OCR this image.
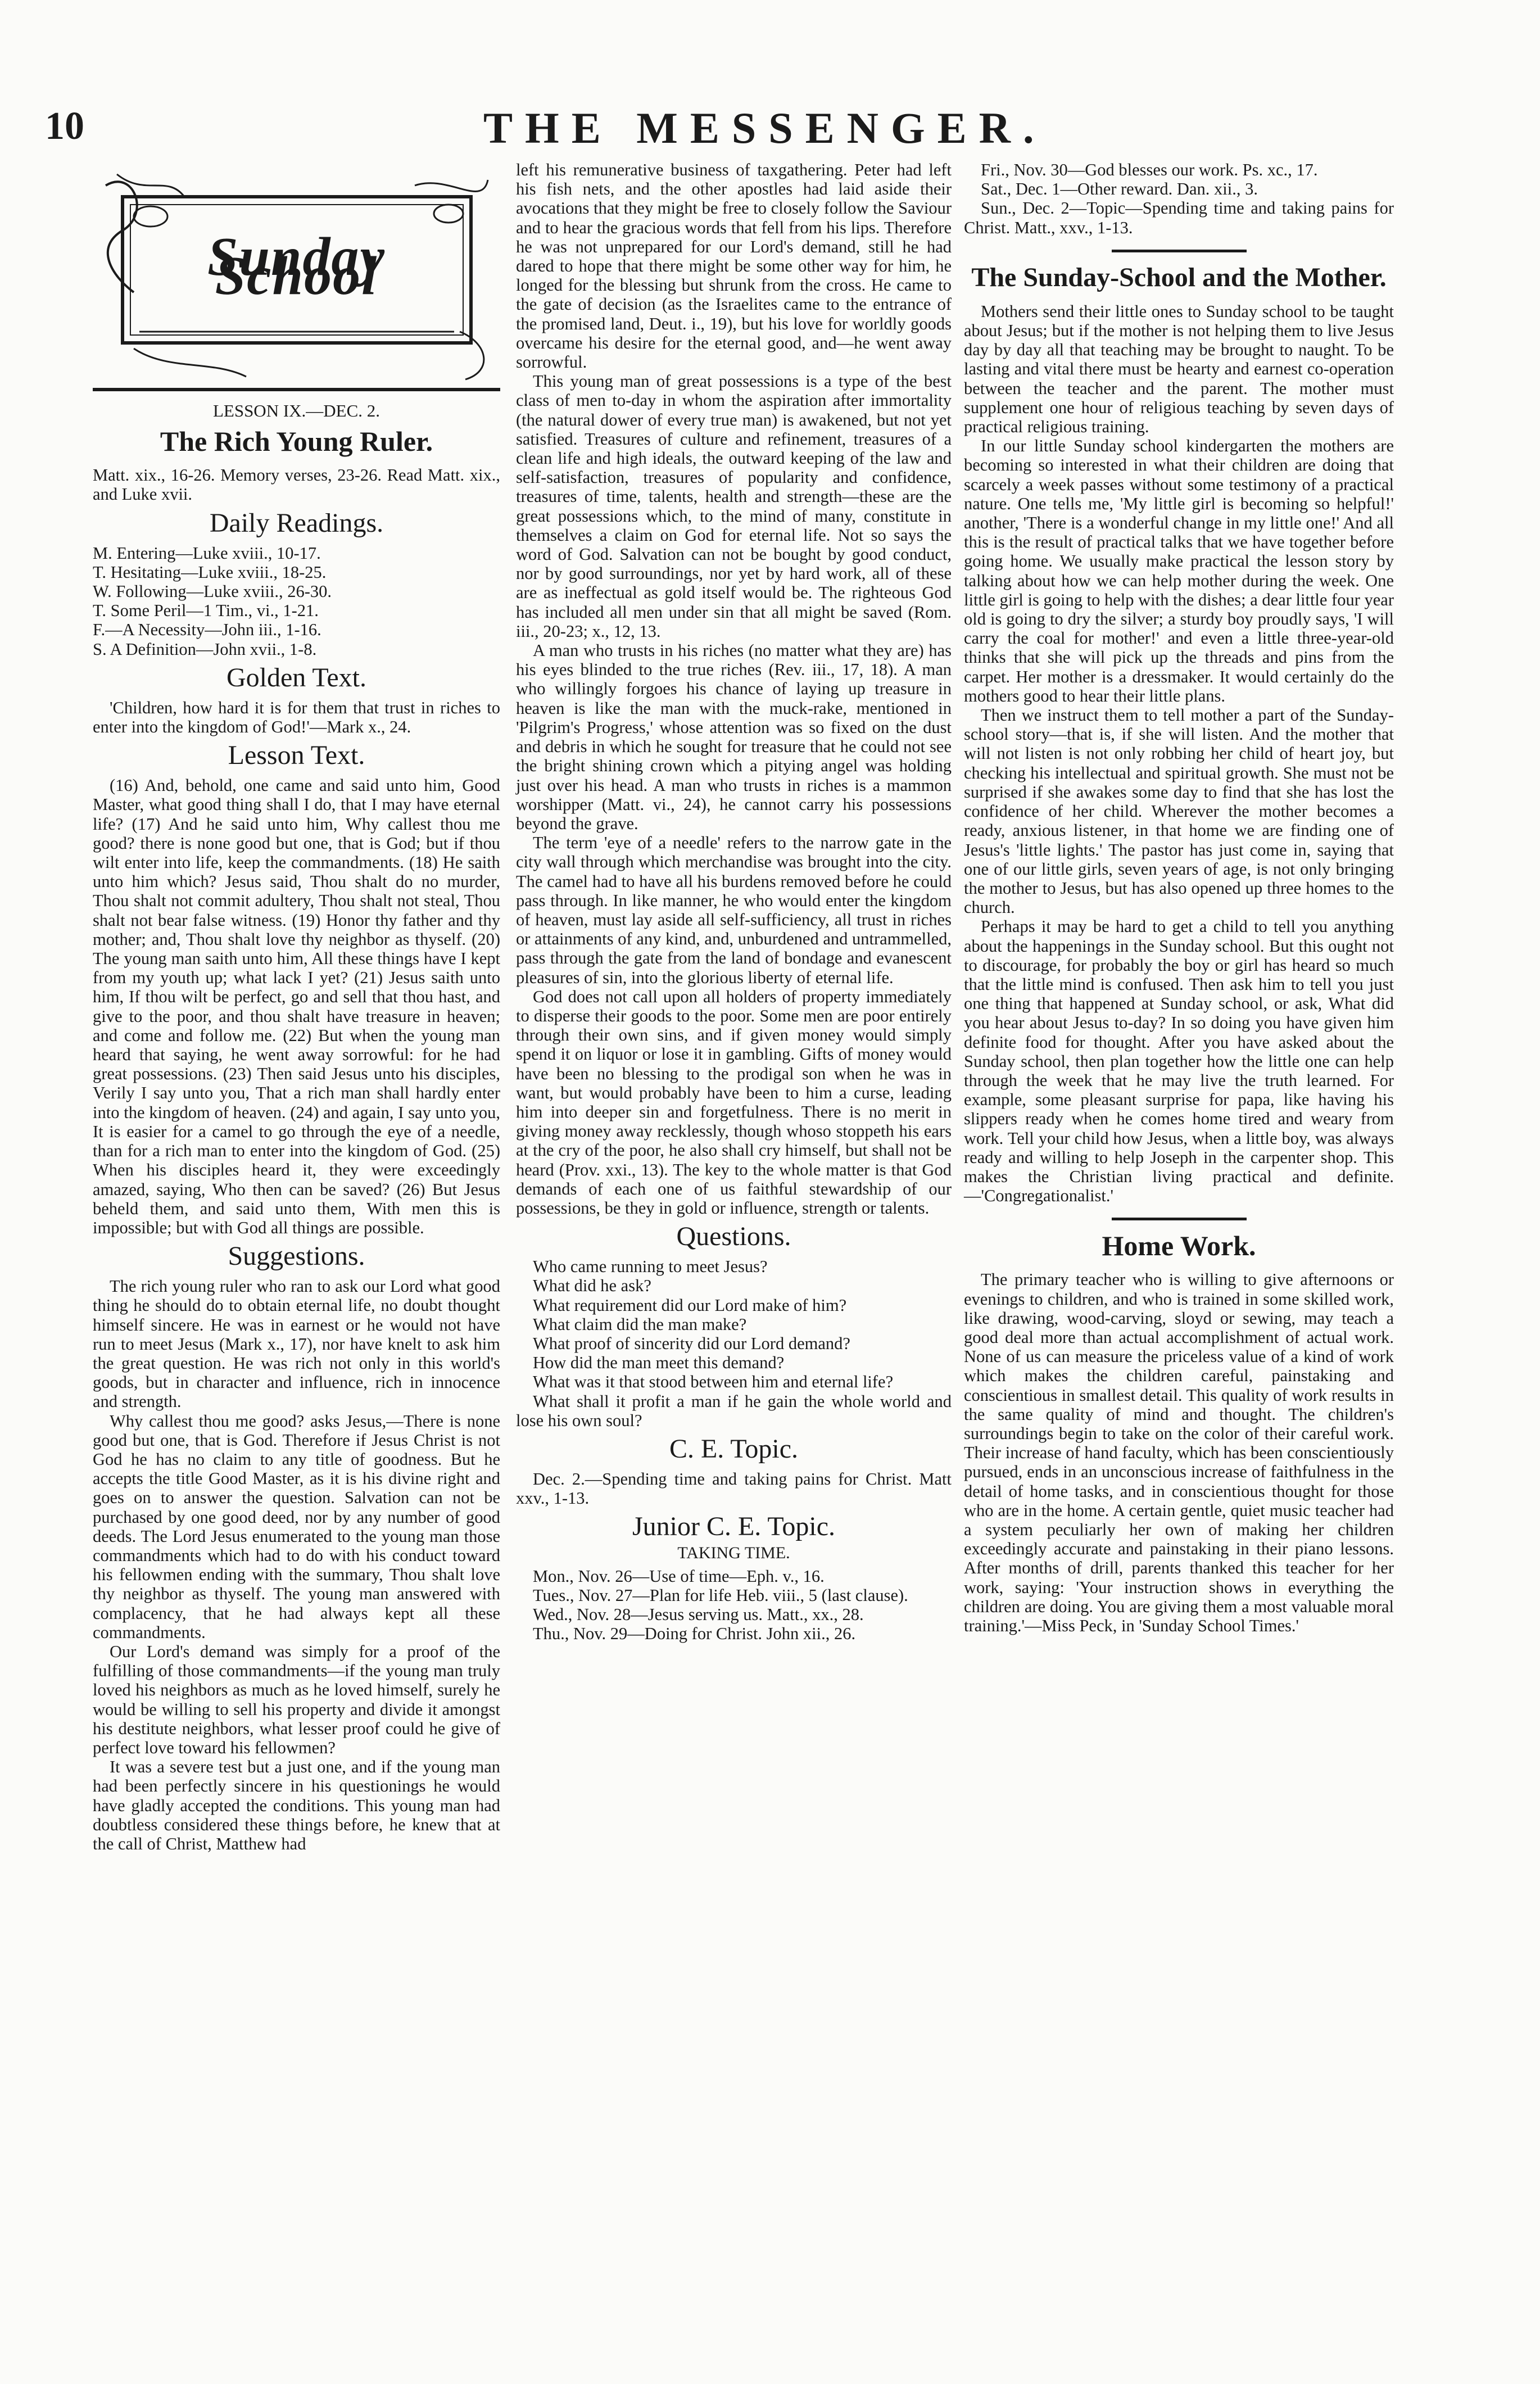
10	THE MESSENGER.
Sunday School
LESSON IX.—DEC. 2.
The Rich Young Ruler.

Matt. xix., 16-26. Memory verses, 23-26. Read Matt. xix., and Luke xvii.

Daily Readings.
M. Entering—Luke xviii., 10-17.
T. Hesitating—Luke xviii., 18-25.
W. Following—Luke xviii., 26-30.
T. Some Peril—1 Tim., vi., 1-21.
F.—A Necessity—John iii., 1-16.
S. A Definition—John xvii., 1-8.
Golden Text.

'Children, how hard it is for them that trust in riches to enter into the kingdom of God!'—Mark x., 24.

Lesson Text.

(16) And, behold, one came and said unto him, Good Master, what good thing shall I do, that I may have eternal life? (17) And he said unto him, Why callest thou me good? there is none good but one, that is God; but if thou wilt enter into life, keep the commandments. (18) He saith unto him which? Jesus said, Thou shalt do no murder, Thou shalt not commit adultery, Thou shalt not steal, Thou shalt not bear false witness. (19) Honor thy father and thy mother; and, Thou shalt love thy neighbor as thyself. (20) The young man saith unto him, All these things have I kept from my youth up; what lack I yet? (21) Jesus saith unto him, If thou wilt be perfect, go and sell that thou hast, and give to the poor, and thou shalt have treasure in heaven; and come and follow me. (22) But when the young man heard that saying, he went away sorrowful: for he had great possessions. (23) Then said Jesus unto his disciples, Verily I say unto you, That a rich man shall hardly enter into the kingdom of heaven. (24) and again, I say unto you, It is easier for a camel to go through the eye of a needle, than for a rich man to enter into the kingdom of God. (25) When his disciples heard it, they were exceedingly amazed, saying, Who then can be saved? (26) But Jesus beheld them, and said unto them, With men this is impossible; but with God all things are possible.

Suggestions.

The rich young ruler who ran to ask our Lord what good thing he should do to obtain eternal life, no doubt thought himself sincere. He was in earnest or he would not have run to meet Jesus (Mark x., 17), nor have knelt to ask him the great question. He was rich not only in this world's goods, but in character and influence, rich in innocence and strength.

Why callest thou me good? asks Jesus,—There is none good but one, that is God. Therefore if Jesus Christ is not God he has no claim to any title of goodness. But he accepts the title Good Master, as it is his divine right and goes on to answer the question. Salvation can not be purchased by one good deed, nor by any number of good deeds. The Lord Jesus enumerated to the young man those commandments which had to do with his conduct toward his fellowmen ending with the summary, Thou shalt love thy neighbor as thyself. The young man answered with complacency, that he had always kept all these commandments.

Our Lord's demand was simply for a proof of the fulfilling of those commandments—if the young man truly loved his neighbors as much as he loved himself, surely he would be willing to sell his property and divide it amongst his destitute neighbors, what lesser proof could he give of perfect love toward his fellowmen?

It was a severe test but a just one, and if the young man had been perfectly sincere in his questionings he would have gladly accepted the conditions. This young man had doubtless considered these things before, he knew that at the call of Christ, Matthew had

left his remunerative business of taxgathering. Peter had left his fish nets, and the other apostles had laid aside their avocations that they might be free to closely follow the Saviour and to hear the gracious words that fell from his lips. Therefore he was not unprepared for our Lord's demand, still he had dared to hope that there might be some other way for him, he longed for the blessing but shrunk from the cross. He came to the gate of decision (as the Israelites came to the entrance of the promised land, Deut. i., 19), but his love for worldly goods overcame his desire for the eternal good, and—he went away sorrowful.

This young man of great possessions is a type of the best class of men to-day in whom the aspiration after immortality (the natural dower of every true man) is awakened, but not yet satisfied. Treasures of culture and refinement, treasures of a clean life and high ideals, the outward keeping of the law and self-satisfaction, treasures of popularity and confidence, treasures of time, talents, health and strength—these are the great possessions which, to the mind of many, constitute in themselves a claim on God for eternal life. Not so says the word of God. Salvation can not be bought by good conduct, nor by good surroundings, nor yet by hard work, all of these are as ineffectual as gold itself would be. The righteous God has included all men under sin that all might be saved (Rom. iii., 20-23; x., 12, 13.

A man who trusts in his riches (no matter what they are) has his eyes blinded to the true riches (Rev. iii., 17, 18). A man who willingly forgoes his chance of laying up treasure in heaven is like the man with the muck-rake, mentioned in 'Pilgrim's Progress,' whose attention was so fixed on the dust and debris in which he sought for treasure that he could not see the bright shining crown which a pitying angel was holding just over his head. A man who trusts in riches is a mammon worshipper (Matt. vi., 24), he cannot carry his possessions beyond the grave.

The term 'eye of a needle' refers to the narrow gate in the city wall through which merchandise was brought into the city. The camel had to have all his burdens removed before he could pass through. In like manner, he who would enter the kingdom of heaven, must lay aside all self-sufficiency, all trust in riches or attainments of any kind, and, unburdened and untrammelled, pass through the gate from the land of bondage and evanescent pleasures of sin, into the glorious liberty of eternal life.

God does not call upon all holders of property immediately to disperse their goods to the poor. Some men are poor entirely through their own sins, and if given money would simply spend it on liquor or lose it in gambling. Gifts of money would have been no blessing to the prodigal son when he was in want, but would probably have been to him a curse, leading him into deeper sin and forgetfulness. There is no merit in giving money away recklessly, though whoso stoppeth his ears at the cry of the poor, he also shall cry himself, but shall not be heard (Prov. xxi., 13). The key to the whole matter is that God demands of each one of us faithful stewardship of our possessions, be they in gold or influence, strength or talents.

Questions.
Who came running to meet Jesus?
What did he ask?
What requirement did our Lord make of him?
What claim did the man make?
What proof of sincerity did our Lord demand?
How did the man meet this demand?
What was it that stood between him and eternal life?
What shall it profit a man if he gain the whole world and lose his own soul?
C. E. Topic.

Dec. 2.—Spending time and taking pains for Christ. Matt xxv., 1-13.

Junior C. E. Topic.
TAKING TIME.
Mon., Nov. 26—Use of time—Eph. v., 16.
Tues., Nov. 27—Plan for life Heb. viii., 5 (last clause).
Wed., Nov. 28—Jesus serving us. Matt., xx., 28.
Thu., Nov. 29—Doing for Christ. John xii., 26.
Fri., Nov. 30—God blesses our work. Ps. xc., 17.
Sat., Dec. 1—Other reward. Dan. xii., 3.
Sun., Dec. 2—Topic—Spending time and taking pains for Christ. Matt., xxv., 1-13.
The Sunday-School and the Mother.

Mothers send their little ones to Sunday school to be taught about Jesus; but if the mother is not helping them to live Jesus day by day all that teaching may be brought to naught. To be lasting and vital there must be hearty and earnest co-operation between the teacher and the parent. The mother must supplement one hour of religious teaching by seven days of practical religious training.

In our little Sunday school kindergarten the mothers are becoming so interested in what their children are doing that scarcely a week passes without some testimony of a practical nature. One tells me, 'My little girl is becoming so helpful!' another, 'There is a wonderful change in my little one!' And all this is the result of practical talks that we have together before going home. We usually make practical the lesson story by talking about how we can help mother during the week. One little girl is going to help with the dishes; a dear little four year old is going to dry the silver; a sturdy boy proudly says, 'I will carry the coal for mother!' and even a little three-year-old thinks that she will pick up the threads and pins from the carpet. Her mother is a dressmaker. It would certainly do the mothers good to hear their little plans.

Then we instruct them to tell mother a part of the Sunday-school story—that is, if she will listen. And the mother that will not listen is not only robbing her child of heart joy, but checking his intellectual and spiritual growth. She must not be surprised if she awakes some day to find that she has lost the confidence of her child. Wherever the mother becomes a ready, anxious listener, in that home we are finding one of Jesus's 'little lights.' The pastor has just come in, saying that one of our little girls, seven years of age, is not only bringing the mother to Jesus, but has also opened up three homes to the church.

Perhaps it may be hard to get a child to tell you anything about the happenings in the Sunday school. But this ought not to discourage, for probably the boy or girl has heard so much that the little mind is confused. Then ask him to tell you just one thing that happened at Sunday school, or ask, What did you hear about Jesus to-day? In so doing you have given him definite food for thought. After you have asked about the Sunday school, then plan together how the little one can help through the week that he may live the truth learned. For example, some pleasant surprise for papa, like having his slippers ready when he comes home tired and weary from work. Tell your child how Jesus, when a little boy, was always ready and willing to help Joseph in the carpenter shop. This makes the Christian living practical and definite.—'Congregationalist.'

Home Work.

The primary teacher who is willing to give afternoons or evenings to children, and who is trained in some skilled work, like drawing, wood-carving, sloyd or sewing, may teach a good deal more than actual accomplishment of actual work. None of us can measure the priceless value of a kind of work which makes the children careful, painstaking and conscientious in smallest detail. This quality of work results in the same quality of mind and thought. The children's surroundings begin to take on the color of their careful work. Their increase of hand faculty, which has been conscientiously pursued, ends in an unconscious increase of faithfulness in the detail of home tasks, and in conscientious thought for those who are in the home. A certain gentle, quiet music teacher had a system peculiarly her own of making her children exceedingly accurate and painstaking in their piano lessons. After months of drill, parents thanked this teacher for her work, saying: 'Your instruction shows in everything the children are doing. You are giving them a most valuable moral training.'—Miss Peck, in 'Sunday School Times.'
